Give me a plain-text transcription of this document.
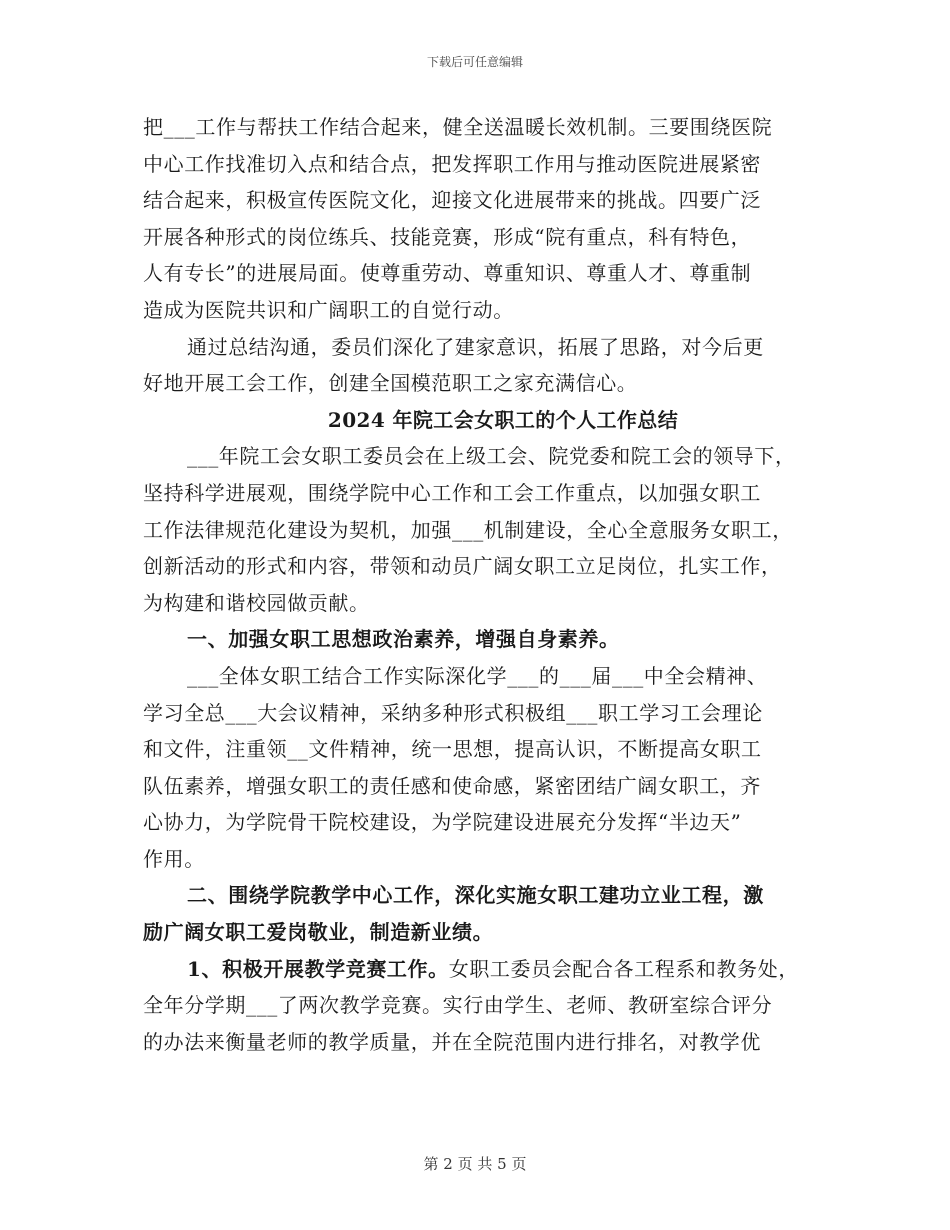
下载后可任意编辑
把___工作与帮扶工作结合起来，健全送温暖长效机制。三要围绕医院
中心工作找准切入点和结合点，把发挥职工作用与推动医院进展紧密
结合起来，积极宣传医院文化，迎接文化进展带来的挑战。四要广泛
开展各种形式的岗位练兵、技能竞赛，形成“院有重点，科有特色，
人有专长”的进展局面。使尊重劳动、尊重知识、尊重人才、尊重制
造成为医院共识和广阔职工的自觉行动。
通过总结沟通，委员们深化了建家意识，拓展了思路，对今后更
好地开展工会工作，创建全国模范职工之家充满信心。
2024 年院工会女职工的个人工作总结
___年院工会女职工委员会在上级工会、院党委和院工会的领导下，
坚持科学进展观，围绕学院中心工作和工会工作重点，以加强女职工
工作法律规范化建设为契机，加强___机制建设，全心全意服务女职工，
创新活动的形式和内容，带领和动员广阔女职工立足岗位，扎实工作，
为构建和谐校园做贡献。
一、加强女职工思想政治素养，增强自身素养。
___全体女职工结合工作实际深化学___的___届___中全会精神、
学习全总___大会议精神，采纳多种形式积极组___职工学习工会理论
和文件，注重领__文件精神，统一思想，提高认识，不断提高女职工
队伍素养，增强女职工的责任感和使命感，紧密团结广阔女职工，齐
心协力，为学院骨干院校建设，为学院建设进展充分发挥“半边天”
作用。
二、围绕学院教学中心工作，深化实施女职工建功立业工程，激
励广阔女职工爱岗敬业，制造新业绩。
1、积极开展教学竞赛工作。女职工委员会配合各工程系和教务处，
全年分学期___了两次教学竞赛。实行由学生、老师、教研室综合评分
的办法来衡量老师的教学质量，并在全院范围内进行排名，对教学优
第 2 页 共 5 页
